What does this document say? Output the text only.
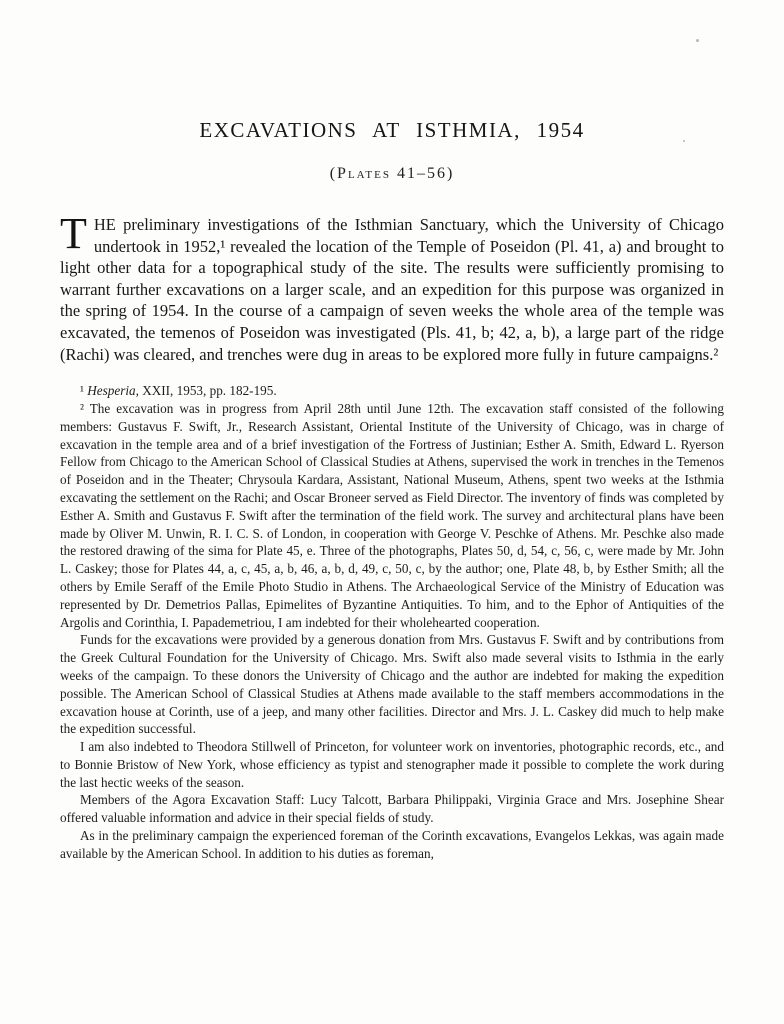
EXCAVATIONS AT ISTHMIA, 1954
(Plates 41–56)
THE preliminary investigations of the Isthmian Sanctuary, which the University of Chicago undertook in 1952,¹ revealed the location of the Temple of Poseidon (Pl. 41, a) and brought to light other data for a topographical study of the site. The results were sufficiently promising to warrant further excavations on a larger scale, and an expedition for this purpose was organized in the spring of 1954. In the course of a campaign of seven weeks the whole area of the temple was excavated, the temenos of Poseidon was investigated (Pls. 41, b; 42, a, b), a large part of the ridge (Rachi) was cleared, and trenches were dug in areas to be explored more fully in future campaigns.²

¹ Hesperia, XXII, 1953, pp. 182-195.

² The excavation was in progress from April 28th until June 12th. The excavation staff consisted of the following members: Gustavus F. Swift, Jr., Research Assistant, Oriental Institute of the University of Chicago, was in charge of excavation in the temple area and of a brief investigation of the Fortress of Justinian; Esther A. Smith, Edward L. Ryerson Fellow from Chicago to the American School of Classical Studies at Athens, supervised the work in trenches in the Temenos of Poseidon and in the Theater; Chrysoula Kardara, Assistant, National Museum, Athens, spent two weeks at the Isthmia excavating the settlement on the Rachi; and Oscar Broneer served as Field Director. The inventory of finds was completed by Esther A. Smith and Gustavus F. Swift after the termination of the field work. The survey and architectural plans have been made by Oliver M. Unwin, R. I. C. S. of London, in cooperation with George V. Peschke of Athens. Mr. Peschke also made the restored drawing of the sima for Plate 45, e. Three of the photographs, Plates 50, d, 54, c, 56, c, were made by Mr. John L. Caskey; those for Plates 44, a, c, 45, a, b, 46, a, b, d, 49, c, 50, c, by the author; one, Plate 48, b, by Esther Smith; all the others by Emile Seraff of the Emile Photo Studio in Athens. The Archaeological Service of the Ministry of Education was represented by Dr. Demetrios Pallas, Epimelites of Byzantine Antiquities. To him, and to the Ephor of Antiquities of the Argolis and Corinthia, I. Papademetriou, I am indebted for their wholehearted cooperation.

Funds for the excavations were provided by a generous donation from Mrs. Gustavus F. Swift and by contributions from the Greek Cultural Foundation for the University of Chicago. Mrs. Swift also made several visits to Isthmia in the early weeks of the campaign. To these donors the University of Chicago and the author are indebted for making the expedition possible. The American School of Classical Studies at Athens made available to the staff members accommodations in the excavation house at Corinth, use of a jeep, and many other facilities. Director and Mrs. J. L. Caskey did much to help make the expedition successful.

I am also indebted to Theodora Stillwell of Princeton, for volunteer work on inventories, photographic records, etc., and to Bonnie Bristow of New York, whose efficiency as typist and stenographer made it possible to complete the work during the last hectic weeks of the season.

Members of the Agora Excavation Staff: Lucy Talcott, Barbara Philippaki, Virginia Grace and Mrs. Josephine Shear offered valuable information and advice in their special fields of study.

As in the preliminary campaign the experienced foreman of the Corinth excavations, Evangelos Lekkas, was again made available by the American School. In addition to his duties as foreman,
